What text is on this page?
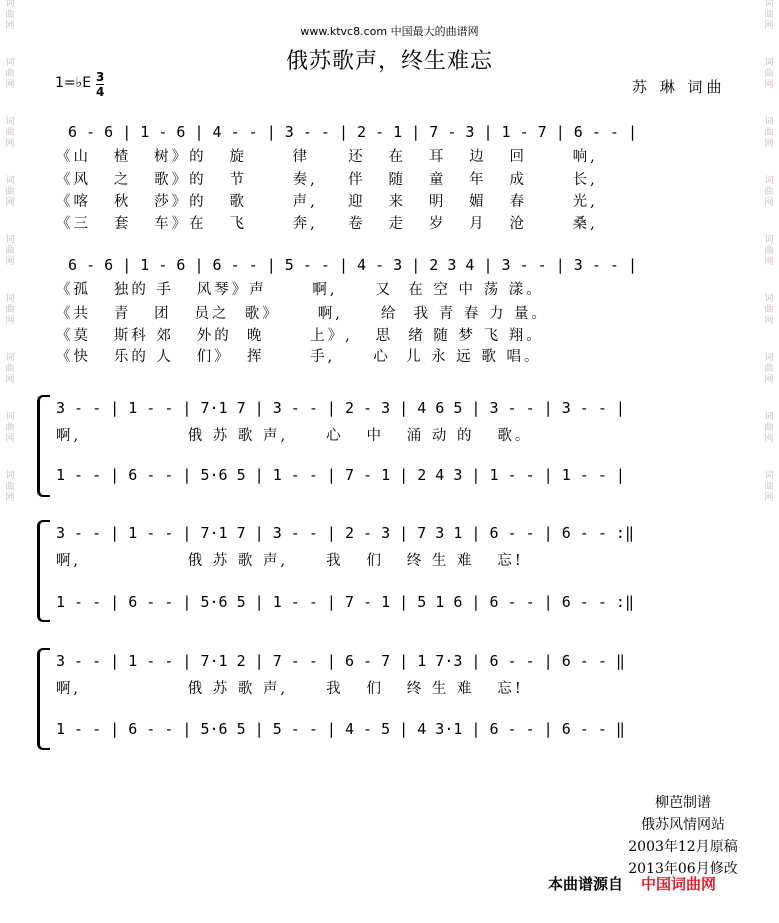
词
曲
网
词
曲
网
词
曲
网
词
曲
网
词
曲
网
词
曲
网
词
曲
网
词
曲
网
词
曲
网
词
曲
网
词
曲
网
词
曲
网
词
曲
网
词
曲
网
词
曲
网
词
曲
网
词
曲
网
词
曲
网
www.ktvc8.com 中国最大的曲谱网
俄苏歌声，终生难忘
1=♭E 3
4	苏 琳 词曲
6 - 6 | 1 - 6 | 4 - - | 3 - - | 2 - 1 | 7 - 3 | 1 - 7 | 6 - - |
《山   楂   树》的   旋      律     还   在   耳   边   回      响,
《风   之   歌》的   节      奏,    伴   随   童   年   成      长,
《喀   秋   莎》的   歌      声,    迎   来   明   媚   春      光,
《三   套   车》在   飞      奔,    卷   走   岁   月   沧      桑,
6 - 6 | 1 - 6 | 6 - - | 5 - - | 4 - 3 | 2 3 4 | 3 - - | 3 - - |
《孤   独的 手   风琴》声      啊,     又  在 空 中 荡 漾。
《共   青   团   员之  歌》     啊,     给  我 青 春 力 量。
《莫   斯科 郊   外的  晚      上》,   思  绪 随 梦 飞 翔。
《快   乐的 人   们》  挥      手,     心  儿 永 远 歌 唱。
3 - - | 1 - - | 7·1 7 | 3 - - | 2 - 3 | 4 6 5 | 3 - - | 3 - - |
啊,              俄 苏 歌 声,     心   中   涌 动 的   歌。
1 - - | 6 - - | 5·6 5 | 1 - - | 7 - 1 | 2 4 3 | 1 - - | 1 - - |
3 - - | 1 - - | 7·1 7 | 3 - - | 2 - 3 | 7 3 1 | 6 - - | 6 - - :‖
啊,              俄 苏 歌 声,     我   们   终 生 难   忘!
1 - - | 6 - - | 5·6 5 | 1 - - | 7 - 1 | 5 1 6 | 6 - - | 6 - - :‖
3 - - | 1 - - | 7·1 2 | 7 - - | 6 - 7 | 1 7·3 | 6 - - | 6 - - ‖
啊,              俄 苏 歌 声,     我   们   终 生 难   忘!
1 - - | 6 - - | 5·6 5 | 5 - - | 4 - 5 | 4 3·1 | 6 - - | 6 - - ‖
柳芭制谱
俄苏风情网站
2003年12月原稿
2013年06月修改
本曲谱源自 中国词曲网
